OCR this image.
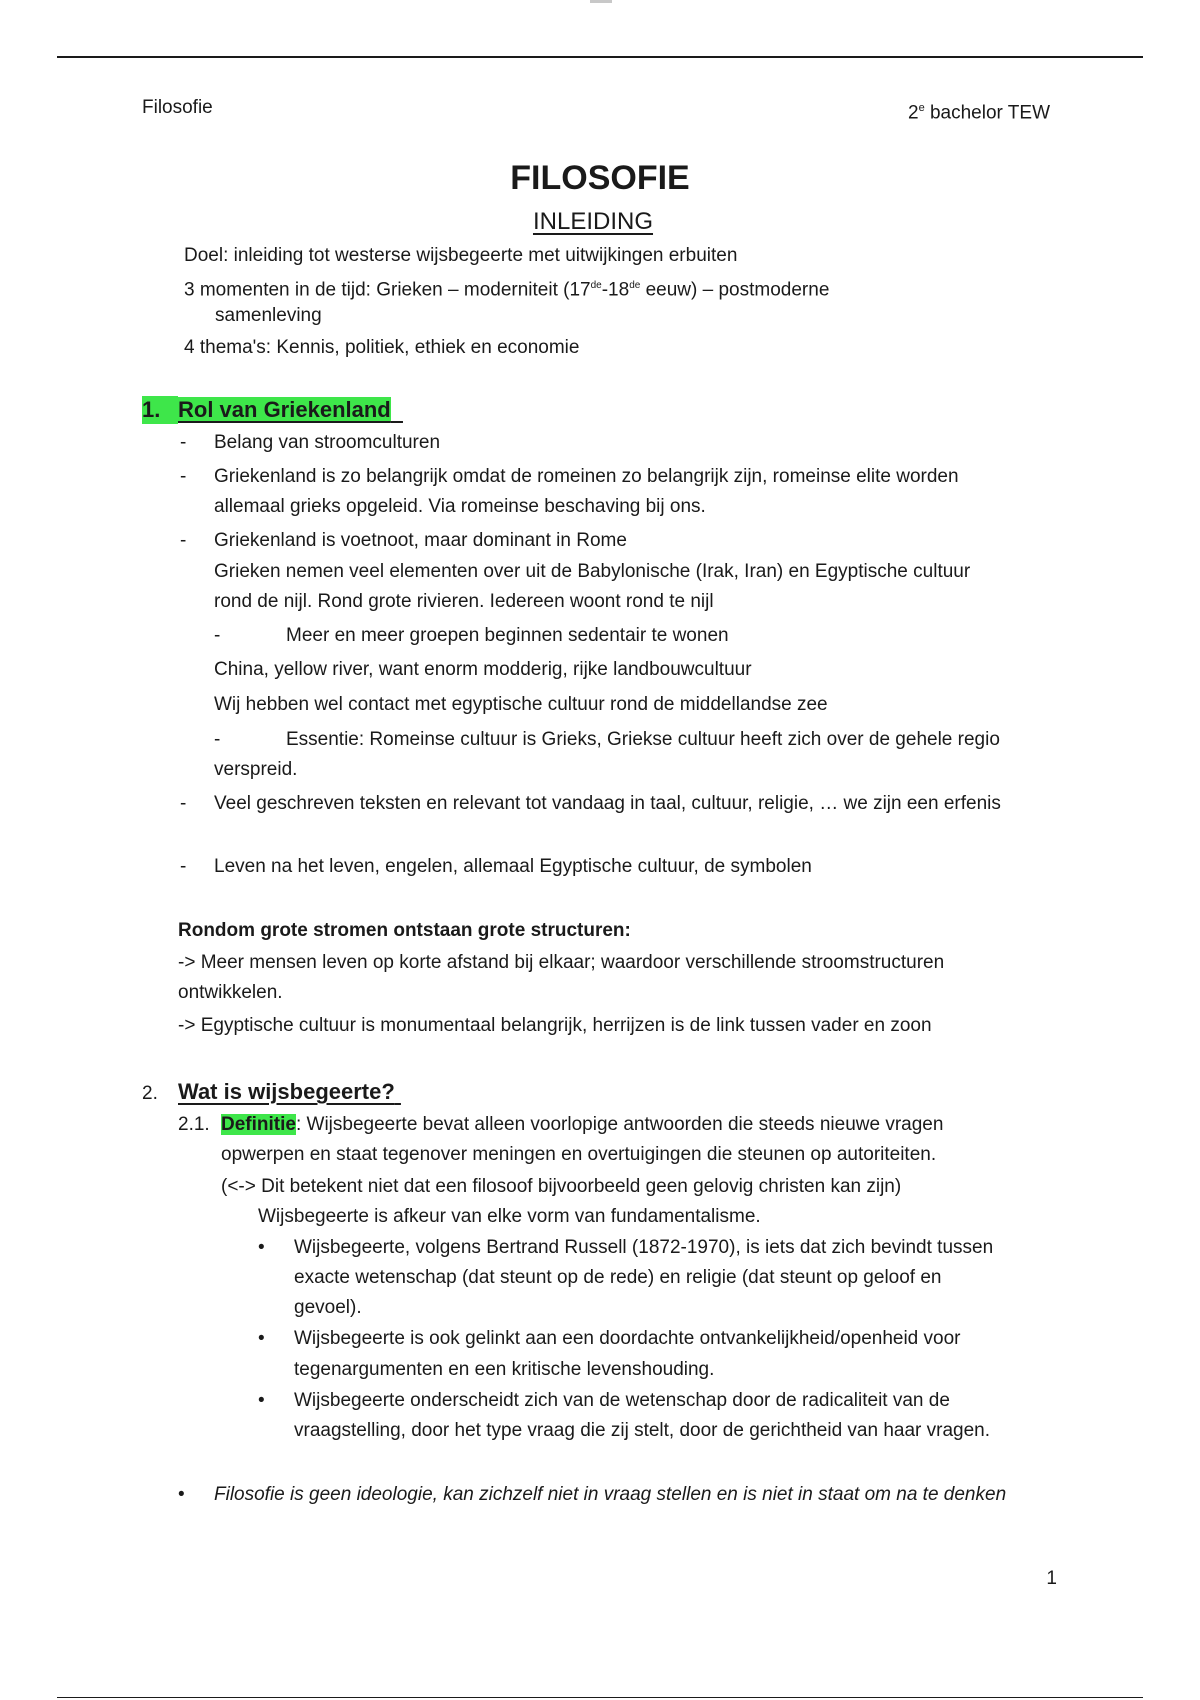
Filosofie	2e bachelor TEW
FILOSOFIE
INLEIDING
Doel: inleiding tot westerse wijsbegeerte met uitwijkingen erbuiten
3 momenten in de tijd: Grieken – moderniteit (17de-18de eeuw) – postmoderne
samenleving
4 thema's: Kennis, politiek, ethiek en economie
1. Rol van Griekenland
- Belang van stroomculturen
- Griekenland is zo belangrijk omdat de romeinen zo belangrijk zijn, romeinse elite worden
allemaal grieks opgeleid. Via romeinse beschaving bij ons.
- Griekenland is voetnoot, maar dominant in Rome
Grieken nemen veel elementen over uit de Babylonische (Irak, Iran) en Egyptische cultuur
rond de nijl. Rond grote rivieren. Iedereen woont rond te nijl
-	Meer en meer groepen beginnen sedentair te wonen
China, yellow river, want enorm modderig, rijke landbouwcultuur
Wij hebben wel contact met egyptische cultuur rond de middellandse zee
-	Essentie: Romeinse cultuur is Grieks, Griekse cultuur heeft zich over de gehele regio
verspreid.
- Veel geschreven teksten en relevant tot vandaag in taal, cultuur, religie, … we zijn een erfenis
- Leven na het leven, engelen, allemaal Egyptische cultuur, de symbolen
Rondom grote stromen ontstaan grote structuren:
-> Meer mensen leven op korte afstand bij elkaar; waardoor verschillende stroomstructuren
ontwikkelen.
-> Egyptische cultuur is monumentaal belangrijk, herrijzen is de link tussen vader en zoon
2. Wat is wijsbegeerte?
2.1. Definitie: Wijsbegeerte bevat alleen voorlopige antwoorden die steeds nieuwe vragen
opwerpen en staat tegenover meningen en overtuigingen die steunen op autoriteiten.
(<-> Dit betekent niet dat een filosoof bijvoorbeeld geen gelovig christen kan zijn)
Wijsbegeerte is afkeur van elke vorm van fundamentalisme.
• Wijsbegeerte, volgens Bertrand Russell (1872-1970), is iets dat zich bevindt tussen
exacte wetenschap (dat steunt op de rede) en religie (dat steunt op geloof en
gevoel).
• Wijsbegeerte is ook gelinkt aan een doordachte ontvankelijkheid/openheid voor
tegenargumenten en een kritische levenshouding.
• Wijsbegeerte onderscheidt zich van de wetenschap door de radicaliteit van de
vraagstelling, door het type vraag die zij stelt, door de gerichtheid van haar vragen.
• Filosofie is geen ideologie, kan zichzelf niet in vraag stellen en is niet in staat om na te denken
1
